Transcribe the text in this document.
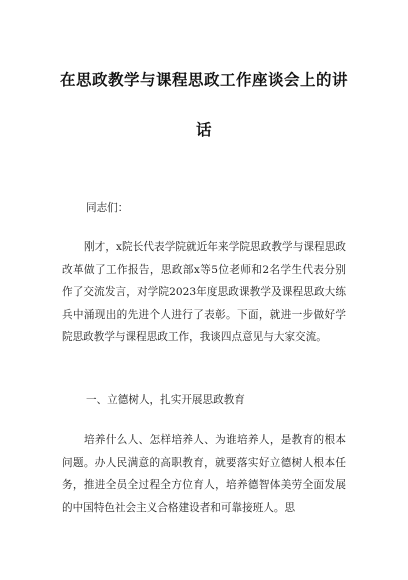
在思政教学与课程思政工作座谈会上的讲
话
同志们：
刚才，x院长代表学院就近年来学院思政教学与课程思政改革做了工作报告，思政部x等5位老师和2名学生代表分别作了交流发言，对学院2023年度思政课教学及课程思政大练兵中涌现出的先进个人进行了表彰。下面，就进一步做好学院思政教学与课程思政工作，我谈四点意见与大家交流。
一、立德树人，扎实开展思政教育
培养什么人、怎样培养人、为谁培养人，是教育的根本问题。办人民满意的高职教育，就要落实好立德树人根本任务，推进全员全过程全方位育人，培养德智体美劳全面发展的中国特色社会主义合格建设者和可靠接班人。思
